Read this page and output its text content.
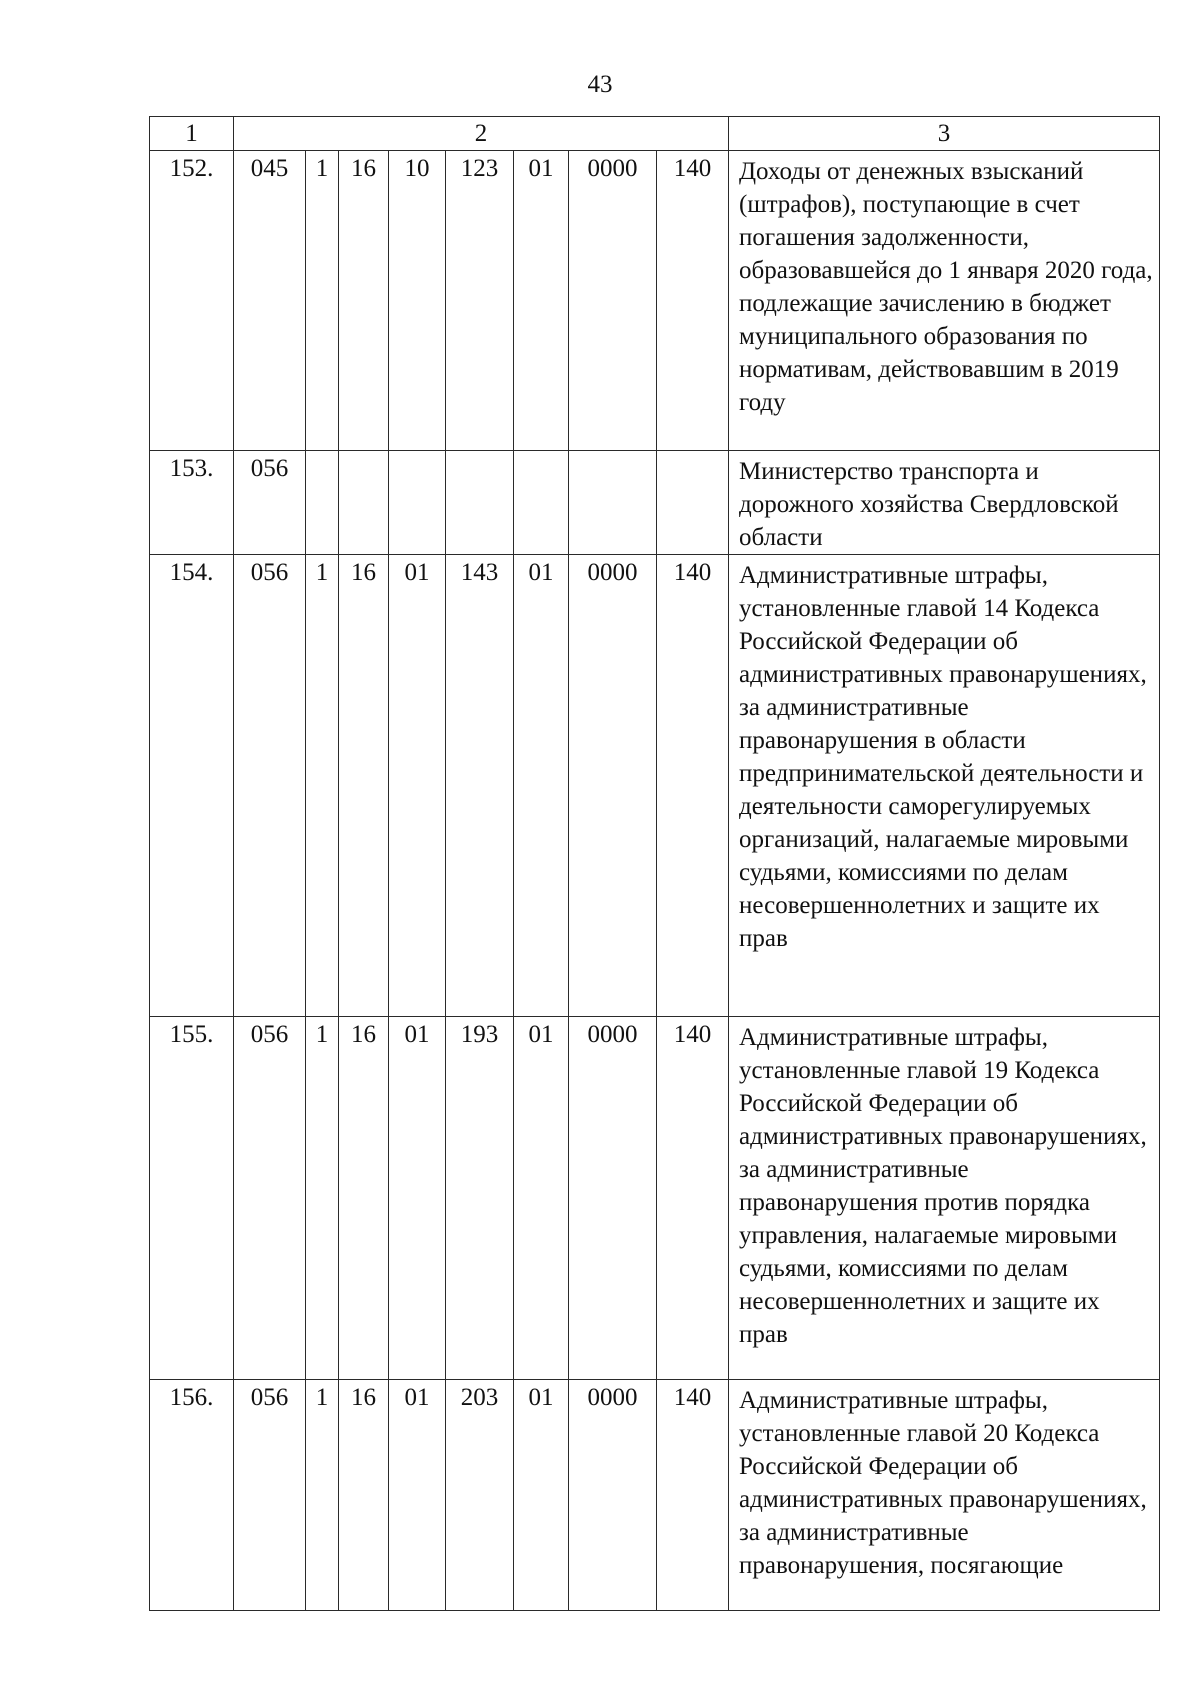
43
1	2								3
152.	045	1	16	10	123	01	0000	140	Доходы от денежных взысканий (штрафов), поступающие в счет погашения задолженности, образовавшейся до 1 января 2020 года, подлежащие зачислению в бюджет муниципального образования по нормативам, действовавшим в 2019 году
153.	056								Министерство транспорта и дорожного хозяйства Свердловской области
154.	056	1	16	01	143	01	0000	140	Административные штрафы, установленные главой 14 Кодекса Российской Федерации об административных правонарушениях, за административные правонарушения в области предпринимательской деятельности и деятельности саморегулируемых организаций, налагаемые мировыми судьями, комиссиями по делам несовершеннолетних и защите их прав
155.	056	1	16	01	193	01	0000	140	Административные штрафы, установленные главой 19 Кодекса Российской Федерации об административных правонарушениях, за административные правонарушения против порядка управления, налагаемые мировыми судьями, комиссиями по делам несовершеннолетних и защите их прав
156.	056	1	16	01	203	01	0000	140	Административные штрафы, установленные главой 20 Кодекса Российской Федерации об административных правонарушениях, за административные правонарушения, посягающие
